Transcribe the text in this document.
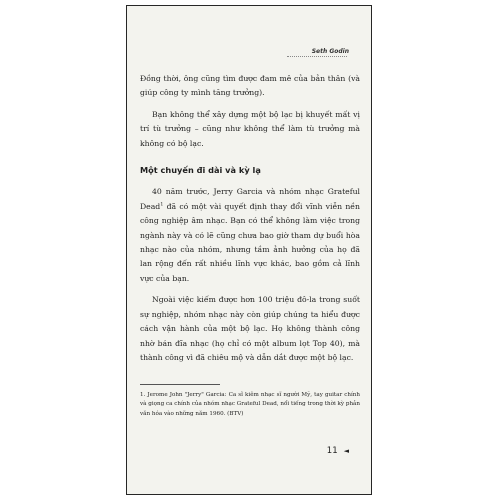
Seth Godin

Đồng thời, ông cũng tìm được đam mê của bản thân (và giúp công ty mình tăng trưởng).

Bạn không thể xây dựng một bộ lạc bị khuyết mất vị trí tù trưởng – cũng như không thể làm tù trưởng mà không có bộ lạc.

Một chuyến đi dài và kỳ lạ

40 năm trước, Jerry Garcia và nhóm nhạc Grateful Dead$^1$ đã có một vài quyết định thay đổi vĩnh viễn nền công nghiệp âm nhạc. Bạn có thể không làm việc trong ngành này và có lẽ cũng chưa bao giờ tham dự buổi hòa nhạc nào của nhóm, nhưng tầm ảnh hưởng của họ đã lan rộng đến rất nhiều lĩnh vực khác, bao gồm cả lĩnh vực của bạn.

Ngoài việc kiếm được hơn 100 triệu đô-la trong suốt sự nghiệp, nhóm nhạc này còn giúp chúng ta hiểu được cách vận hành của một bộ lạc. Họ không thành công nhờ bán đĩa nhạc (họ chỉ có một album lọt Top 40), mà thành công vì đã chiêu mộ và dẫn dắt được một bộ lạc.

1. Jerome John "Jerry" Garcia: Ca sĩ kiêm nhạc sĩ người Mỹ, tay guitar chính và giọng ca chính của nhóm nhạc Grateful Dead, nổi tiếng trong thời kỳ phản văn hóa vào những năm 1960. (BTV)
11 ◄
